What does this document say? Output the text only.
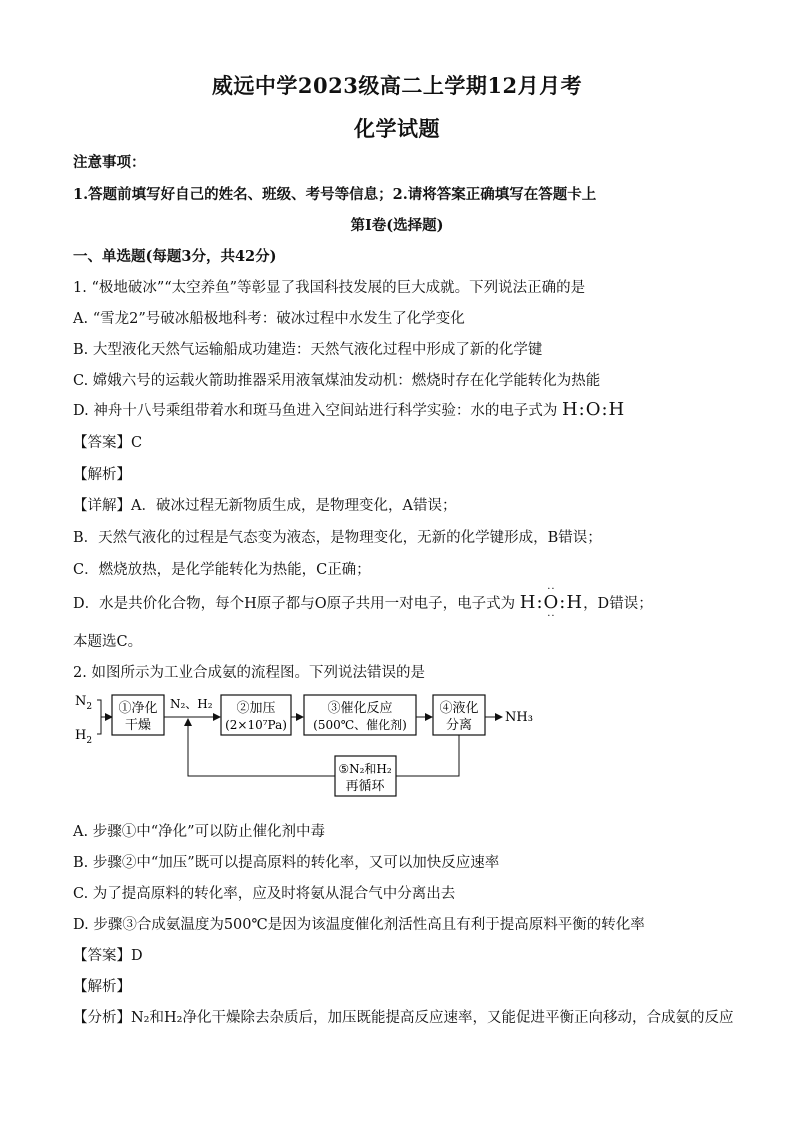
威远中学2023级高二上学期12月月考
化学试题
注意事项：
1.答题前填写好自己的姓名、班级、考号等信息；2.请将答案正确填写在答题卡上
第I卷(选择题)
一、单选题(每题3分，共42分)
1. “极地破冰”“太空养鱼”等彰显了我国科技发展的巨大成就。下列说法正确的是
A. “雪龙2”号破冰船极地科考：破冰过程中水发生了化学变化
B. 大型液化天然气运输船成功建造：天然气液化过程中形成了新的化学键
C. 嫦娥六号的运载火箭助推器采用液氧煤油发动机：燃烧时存在化学能转化为热能
D. 神舟十八号乘组带着水和斑马鱼进入空间站进行科学实验：水的电子式为 H:O:H
【答案】C
【解析】
【详解】A．破冰过程无新物质生成，是物理变化，A错误；
B．天然气液化的过程是气态变为液态，是物理变化，无新的化学键形成，B错误；
C．燃烧放热，是化学能转化为热能，C正确；
D．水是共价化合物，每个H原子都与O原子共用一对电子，电子式为 H:
··
O
··
:H，D错误；
本题选C。
2. 如图所示为工业合成氨的流程图。下列说法错误的是
$N_2$
$H_2$
①净化
干燥
N₂、H₂ ②加压
(2×10⁷Pa)
③催化反应
(500℃、催化剂)
④液化
分离
NH₃
⑤N₂和H₂
再循环
A. 步骤①中“净化”可以防止催化剂中毒
B. 步骤②中“加压”既可以提高原料的转化率，又可以加快反应速率
C. 为了提高原料的转化率，应及时将氨从混合气中分离出去
D. 步骤③合成氨温度为500℃是因为该温度催化剂活性高且有利于提高原料平衡的转化率
【答案】D
【解析】
【分析】N₂和H₂净化干燥除去杂质后，加压既能提高反应速率，又能促进平衡正向移动，合成氨的反应
